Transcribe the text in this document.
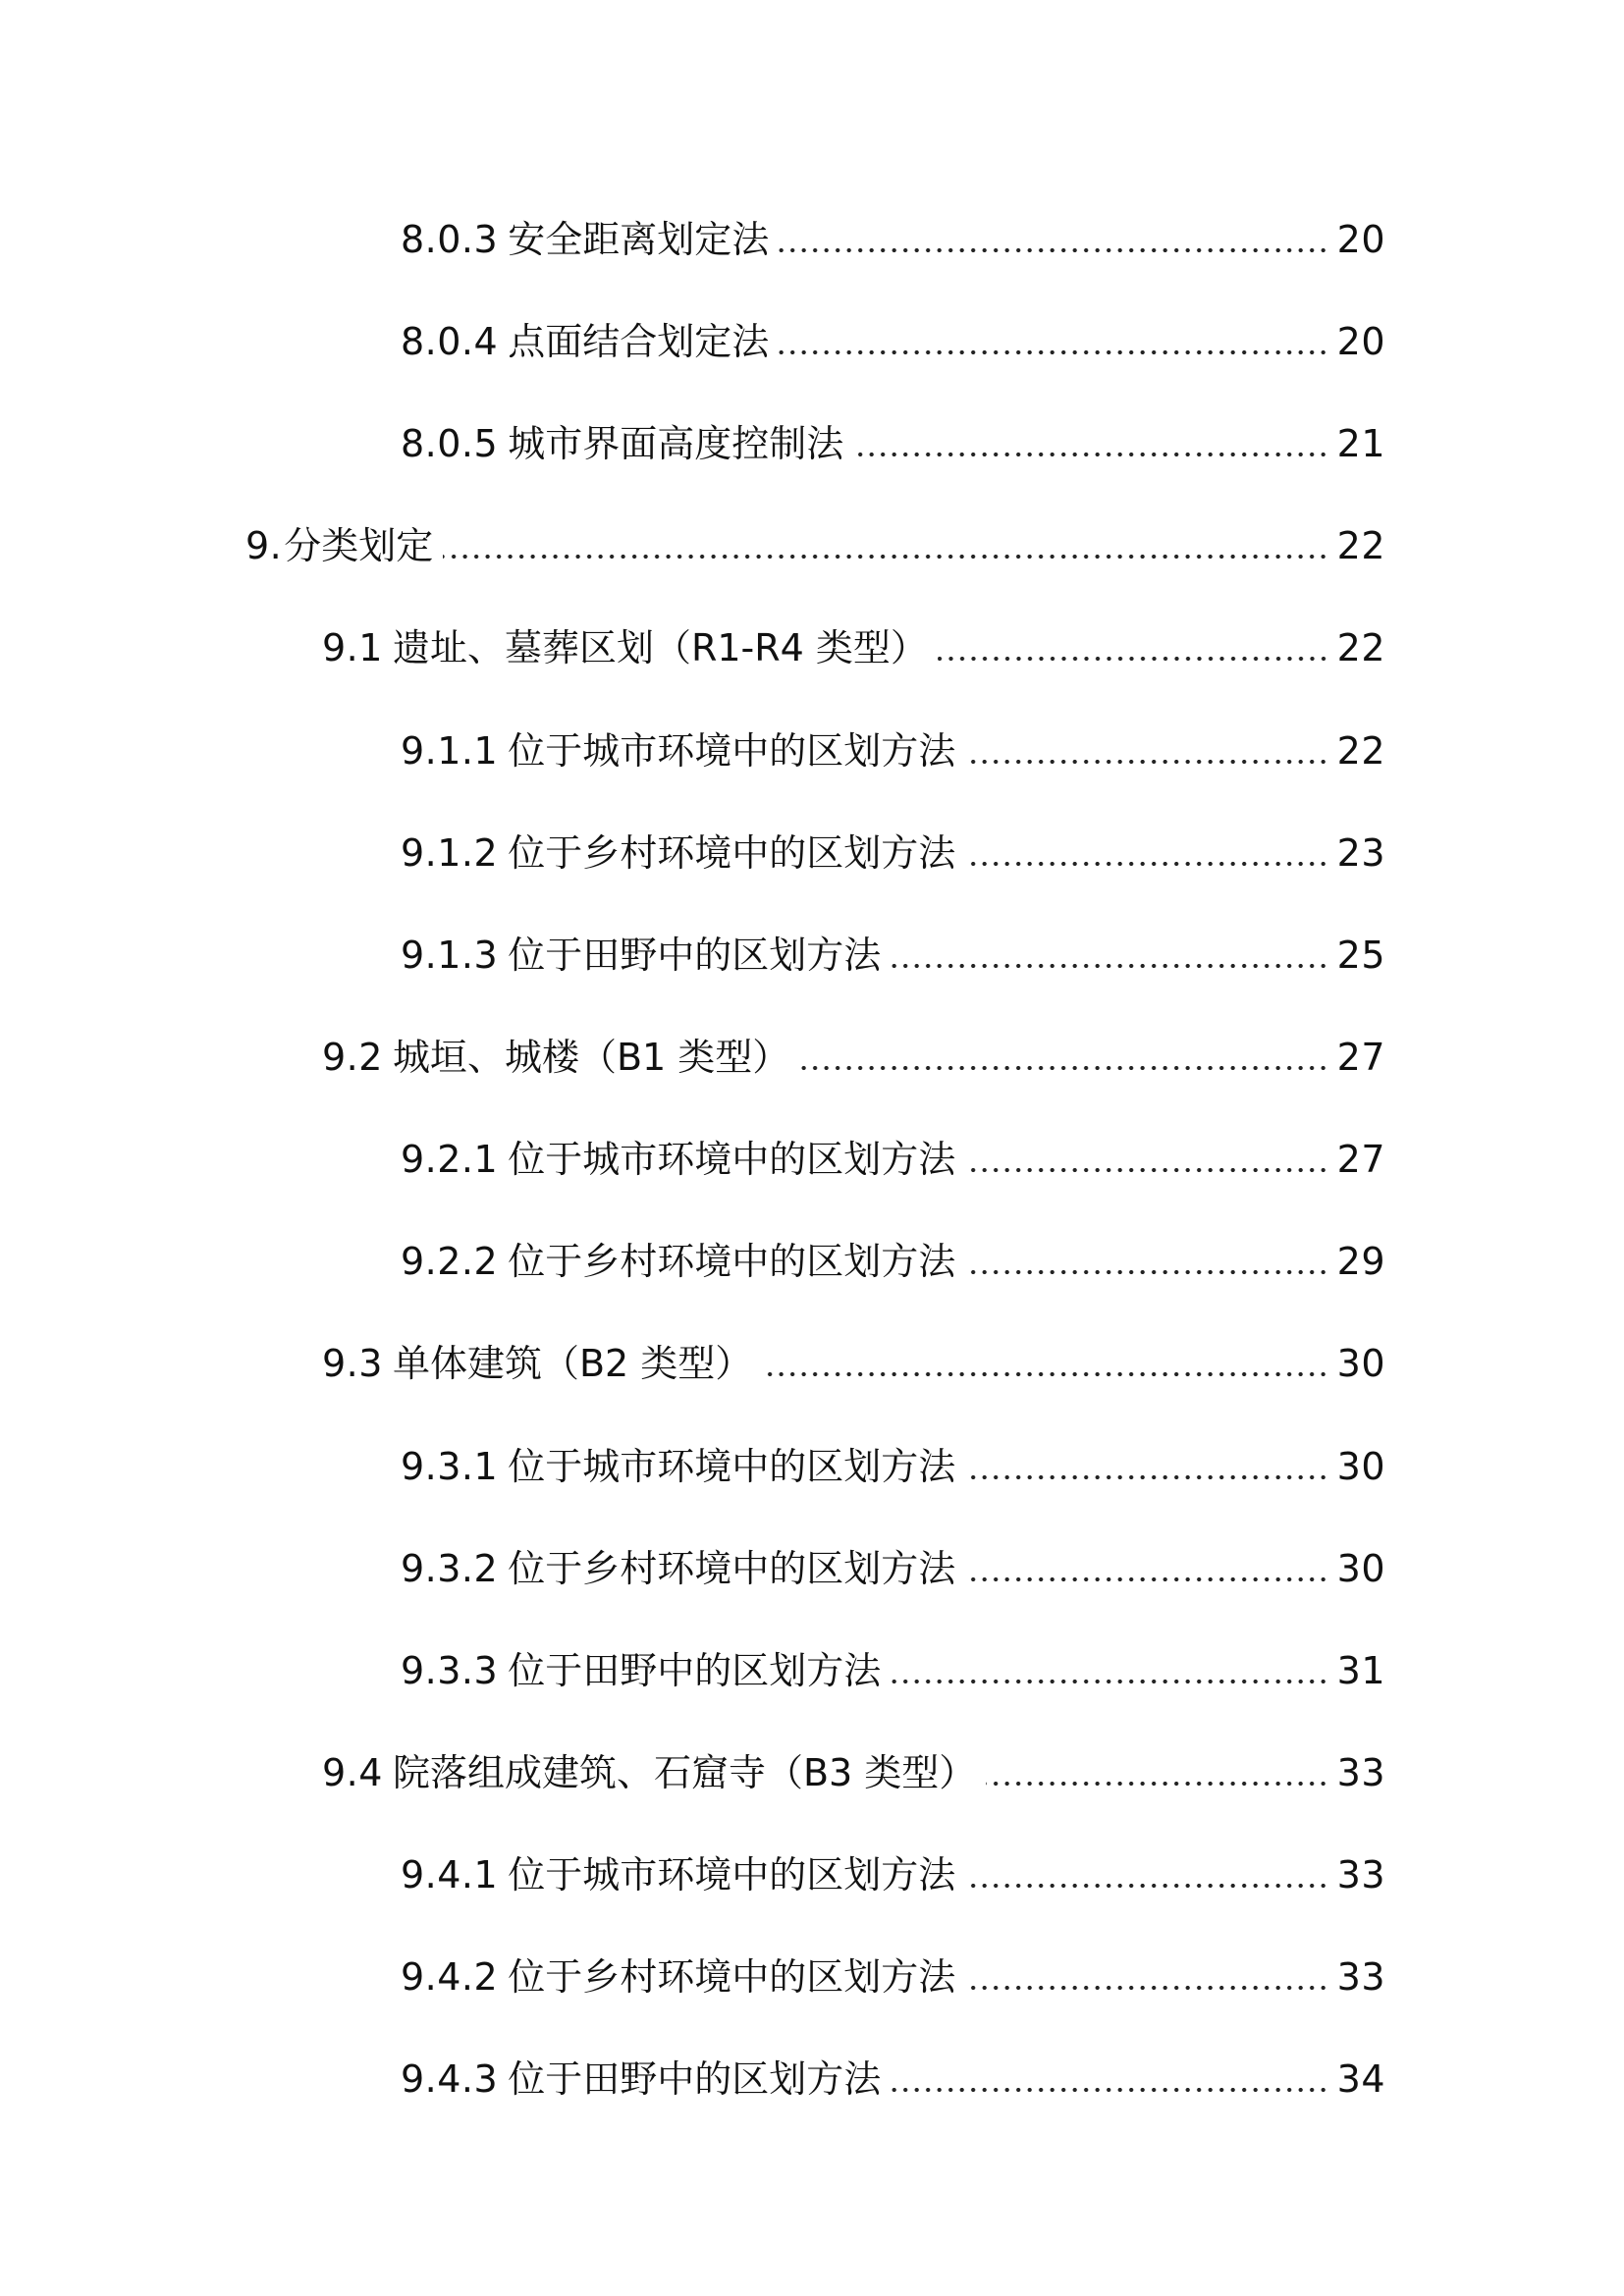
8.0.3 安全距离划定法	20
8.0.4 点面结合划定法	20
8.0.5 城市界面高度控制法	21
9. 分类划定	22
9.1 遗址、墓葬区划（R1-R4 类型）	22
9.1.1 位于城市环境中的区划方法	22
9.1.2 位于乡村环境中的区划方法	23
9.1.3 位于田野中的区划方法	25
9.2 城垣、城楼（B1 类型）	27
9.2.1 位于城市环境中的区划方法	27
9.2.2 位于乡村环境中的区划方法	29
9.3 单体建筑（B2 类型）	30
9.3.1 位于城市环境中的区划方法	30
9.3.2 位于乡村环境中的区划方法	30
9.3.3 位于田野中的区划方法	31
9.4 院落组成建筑、石窟寺（B3 类型）	33
9.4.1 位于城市环境中的区划方法	33
9.4.2 位于乡村环境中的区划方法	33
9.4.3 位于田野中的区划方法	34
